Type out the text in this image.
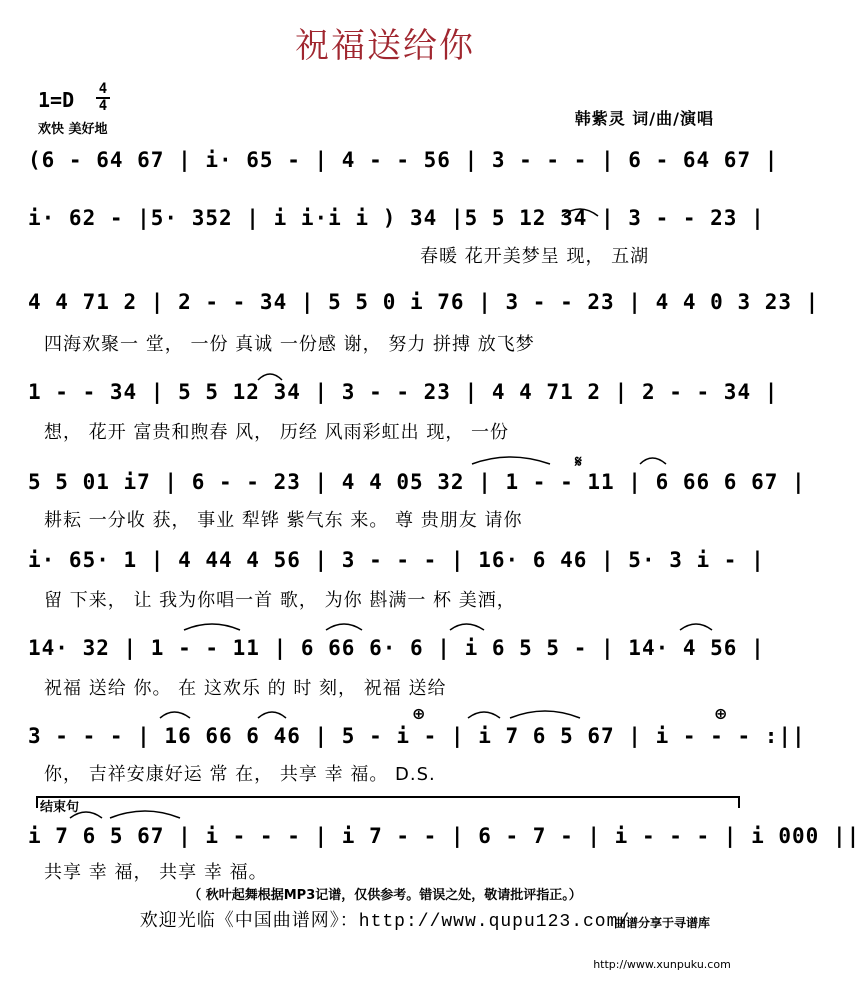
祝福送给你
1=D 4
4
欢快 美好地
韩紫灵 词/曲/演唱
(6 - 64 67 | i· 65 - | 4 - - 56 | 3 - - - | 6 - 64 67 |
i· 62 - |5· 352 | i i·i i ) 34 |5 5 12 34 | 3 - - 23 |
春暖 花开美梦呈 现， 五湖
4 4 71 2 | 2 - - 34 | 5 5 0 i 76 | 3 - - 23 | 4 4 0 3 23 |
四海欢聚一 堂， 一份 真诚 一份感 谢， 努力 拼搏 放飞梦
1 - - 34 | 5 5 12 34 | 3 - - 23 | 4 4 71 2 | 2 - - 34 |
想， 花开 富贵和煦春 风， 历经 风雨彩虹出 现， 一份
5 5 01 i7 | 6 - - 23 | 4 4 05 32 | 1 - - 11 | 6 66 6 67 |
耕耘 一分收 获， 事业 犁铧 紫气东 来。 尊 贵朋友 请你
i· 65· 1 | 4 44 4 56 | 3 - - - | 16· 6 46 | 5· 3 i - |
留 下来， 让 我为你唱一首 歌， 为你 斟满一 杯 美酒，
14· 32 | 1 - - 11 | 6 66 6· 6 | i 6 5 5 - | 14· 4 56 |
祝福 送给 你。 在 这欢乐 的 时 刻， 祝福 送给
3 - - - | 16 66 6 46 | 5 - i - | i 7 6 5 67 | i - - - :||
你， 吉祥安康好运 常 在， 共享 幸 福。 D.S.
结束句
i 7 6 5 67 | i - - - | i 7 - - | 6 - 7 - | i - - - | i 000 ||
共享 幸 福， 共享 幸 福。
𝄋
⊕	⊕
（ 秋叶起舞根据MP3记谱，仅供参考。错误之处，敬请批评指正。）
欢迎光临《中国曲谱网》：http://www.qupu123.com/

曲谱分享于寻谱库

http://www.xunpuku.com
